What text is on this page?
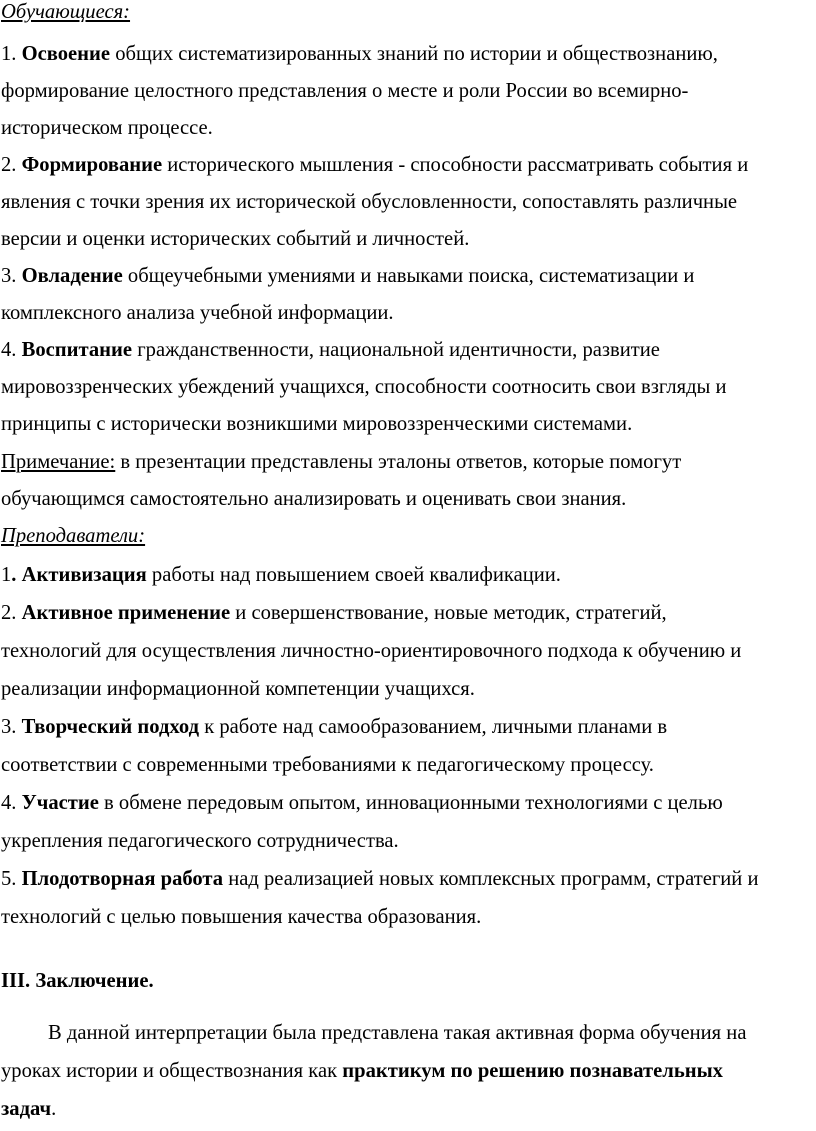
Обучающиеся:
1. Освоение общих систематизированных знаний по истории и обществознанию,
формирование целостного представления о месте и роли России во всемирно-
историческом процессе.
2. Формирование исторического мышления - способности рассматривать события и
явления с точки зрения их исторической обусловленности, сопоставлять различные
версии и оценки исторических событий и личностей.
3. Овладение общеучебными умениями и навыками поиска, систематизации и
комплексного анализа учебной информации.
4. Воспитание гражданственности, национальной идентичности, развитие
мировоззренческих убеждений учащихся, способности соотносить свои взгляды и
принципы с исторически возникшими мировоззренческими системами.
Примечание: в презентации представлены эталоны ответов, которые помогут
обучающимся самостоятельно анализировать и оценивать свои знания.
Преподаватели:
1. Активизация работы над повышением своей квалификации.
2. Активное применение и совершенствование, новые методик, стратегий,
технологий для осуществления личностно-ориентировочного подхода к обучению и
реализации информационной компетенции учащихся.
3. Творческий подход к работе над самообразованием, личными планами в
соответствии с современными требованиями к педагогическому процессу.
4. Участие в обмене передовым опытом, инновационными технологиями с целью
укрепления педагогического сотрудничества.
5. Плодотворная работа над реализацией новых комплексных программ, стратегий и
технологий с целью повышения качества образования.
III. Заключение.
В данной интерпретации была представлена такая активная форма обучения на
уроках истории и обществознания как практикум по решению познавательных
задач.
